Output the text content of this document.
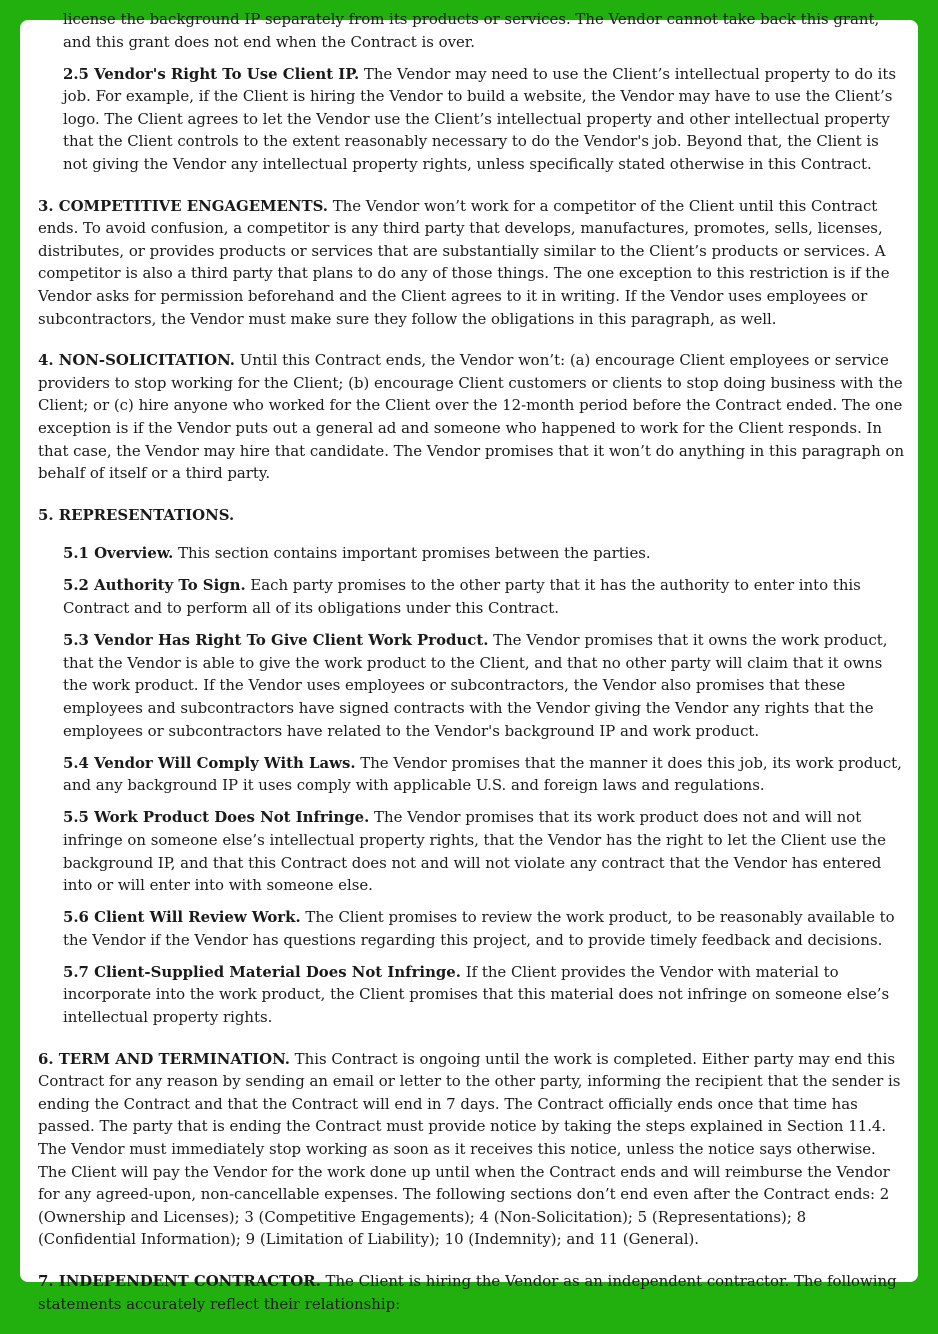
license the background IP separately from its products or services. The Vendor cannot take back this grant, and this grant does not end when the Contract is over.

2.5 Vendor's Right To Use Client IP. The Vendor may need to use the Client’s intellectual property to do its job. For example, if the Client is hiring the Vendor to build a website, the Vendor may have to use the Client’s logo. The Client agrees to let the Vendor use the Client’s intellectual property and other intellectual property that the Client controls to the extent reasonably necessary to do the Vendor's job. Beyond that, the Client is not giving the Vendor any intellectual property rights, unless specifically stated otherwise in this Contract.

3. COMPETITIVE ENGAGEMENTS. The Vendor won’t work for a competitor of the Client until this Contract ends. To avoid confusion, a competitor is any third party that develops, manufactures, promotes, sells, licenses, distributes, or provides products or services that are substantially similar to the Client’s products or services. A competitor is also a third party that plans to do any of those things. The one exception to this restriction is if the Vendor asks for permission beforehand and the Client agrees to it in writing. If the Vendor uses employees or subcontractors, the Vendor must make sure they follow the obligations in this paragraph, as well.

4. NON-SOLICITATION. Until this Contract ends, the Vendor won’t: (a) encourage Client employees or service providers to stop working for the Client; (b) encourage Client customers or clients to stop doing business with the Client; or (c) hire anyone who worked for the Client over the 12-month period before the Contract ended. The one exception is if the Vendor puts out a general ad and someone who happened to work for the Client responds. In that case, the Vendor may hire that candidate. The Vendor promises that it won’t do anything in this paragraph on behalf of itself or a third party.

5. REPRESENTATIONS.

5.1 Overview. This section contains important promises between the parties.

5.2 Authority To Sign. Each party promises to the other party that it has the authority to enter into this Contract and to perform all of its obligations under this Contract.

5.3 Vendor Has Right To Give Client Work Product. The Vendor promises that it owns the work product, that the Vendor is able to give the work product to the Client, and that no other party will claim that it owns the work product. If the Vendor uses employees or subcontractors, the Vendor also promises that these employees and subcontractors have signed contracts with the Vendor giving the Vendor any rights that the employees or subcontractors have related to the Vendor's background IP and work product.

5.4 Vendor Will Comply With Laws. The Vendor promises that the manner it does this job, its work product, and any background IP it uses comply with applicable U.S. and foreign laws and regulations.

5.5 Work Product Does Not Infringe. The Vendor promises that its work product does not and will not infringe on someone else’s intellectual property rights, that the Vendor has the right to let the Client use the background IP, and that this Contract does not and will not violate any contract that the Vendor has entered into or will enter into with someone else.

5.6 Client Will Review Work. The Client promises to review the work product, to be reasonably available to the Vendor if the Vendor has questions regarding this project, and to provide timely feedback and decisions.

5.7 Client-Supplied Material Does Not Infringe. If the Client provides the Vendor with material to incorporate into the work product, the Client promises that this material does not infringe on someone else’s intellectual property rights.

6. TERM AND TERMINATION. This Contract is ongoing until the work is completed. Either party may end this Contract for any reason by sending an email or letter to the other party, informing the recipient that the sender is ending the Contract and that the Contract will end in 7 days. The Contract officially ends once that time has passed. The party that is ending the Contract must provide notice by taking the steps explained in Section 11.4. The Vendor must immediately stop working as soon as it receives this notice, unless the notice says otherwise. The Client will pay the Vendor for the work done up until when the Contract ends and will reimburse the Vendor for any agreed-upon, non-cancellable expenses. The following sections don’t end even after the Contract ends: 2 (Ownership and Licenses); 3 (Competitive Engagements); 4 (Non-Solicitation); 5 (Representations); 8 (Confidential Information); 9 (Limitation of Liability); 10 (Indemnity); and 11 (General).

7. INDEPENDENT CONTRACTOR. The Client is hiring the Vendor as an independent contractor. The following statements accurately reflect their relationship:
